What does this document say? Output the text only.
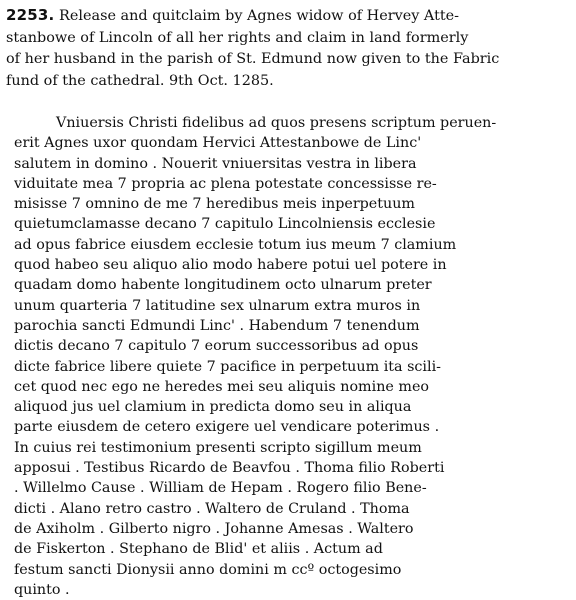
2253. Release and quitclaim by Agnes widow of Hervey Atte-
stanbowe of Lincoln of all her rights and claim in land formerly
of her husband in the parish of St. Edmund now given to the Fabric
fund of the cathedral. 9th Oct. 1285.
Vniuersis Christi fidelibus ad quos presens scriptum peruen-
erit Agnes uxor quondam Hervici Attestanbowe de Linc'
salutem in domino . Nouerit vniuersitas vestra in libera
viduitate mea 7 propria ac plena potestate concessisse re-
misisse 7 omnino de me 7 heredibus meis inperpetuum
quietumclamasse decano 7 capitulo Lincolniensis ecclesie
ad opus fabrice eiusdem ecclesie totum ius meum 7 clamium
quod habeo seu aliquo alio modo habere potui uel potere in
quadam domo habente longitudinem octo ulnarum preter
unum quarteria 7 latitudine sex ulnarum extra muros in
parochia sancti Edmundi Linc' . Habendum 7 tenendum
dictis decano 7 capitulo 7 eorum successoribus ad opus
dicte fabrice libere quiete 7 pacifice in perpetuum ita scili-
cet quod nec ego ne heredes mei seu aliquis nomine meo
aliquod jus uel clamium in predicta domo seu in aliqua
parte eiusdem de cetero exigere uel vendicare poterimus .
In cuius rei testimonium presenti scripto sigillum meum
apposui . Testibus Ricardo de Beavfou . Thoma filio Roberti
. Willelmo Cause . William de Hepam . Rogero filio Bene-
dicti . Alano retro castro . Waltero de Cruland . Thoma
de Axiholm . Gilberto nigro . Johanne Amesas . Waltero
de Fiskerton . Stephano de Blid' et aliis . Actum ad
festum sancti Dionysii anno domini m ccº octogesimo
quinto .
